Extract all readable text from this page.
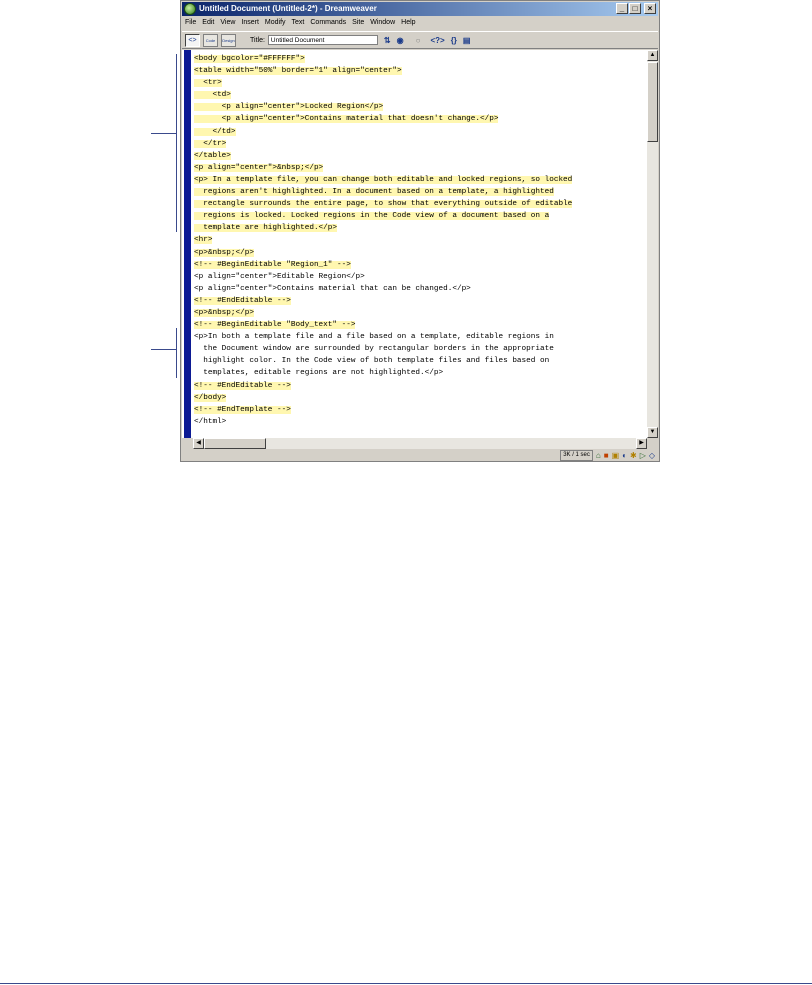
Untitled Document (Untitled-2*) - Dreamweaver	_	□	×
File Edit View Insert Modify Text Commands Site Window Help
<>	Code	Design Title: Untitled Document	⇅ ◉ ○ <?> {} ▤
<body bgcolor="#FFFFFF">
<table width="50%" border="1" align="center">
<tr>
<td>
<p align="center">Locked Region</p>
<p align="center">Contains material that doesn't change.</p>
</td>
</tr>
</table>
<p align="center">&nbsp;</p>
<p> In a template file, you can change both editable and locked regions, so locked
regions aren't highlighted. In a document based on a template, a highlighted
rectangle surrounds the entire page, to show that everything outside of editable
regions is locked. Locked regions in the Code view of a document based on a
template are highlighted.</p>
<hr>
<p>&nbsp;</p>
<!-- #BeginEditable "Region_1" -->
<p align="center">Editable Region</p>
<p align="center">Contains material that can be changed.</p>
<!-- #EndEditable -->
<p>&nbsp;</p>
<!-- #BeginEditable "Body_text" -->
<p>In both a template file and a file based on a template, editable regions in
the Document window are surrounded by rectangular borders in the appropriate
highlight color. In the Code view of both template files and files based on
templates, editable regions are not highlighted.</p>
<!-- #EndEditable -->
</body>
<!-- #EndTemplate -->
</html>
▲
▼
◀	▶
3K / 1 sec ⌂ ■ ▣ ◐ ✱ ▷ ◇
